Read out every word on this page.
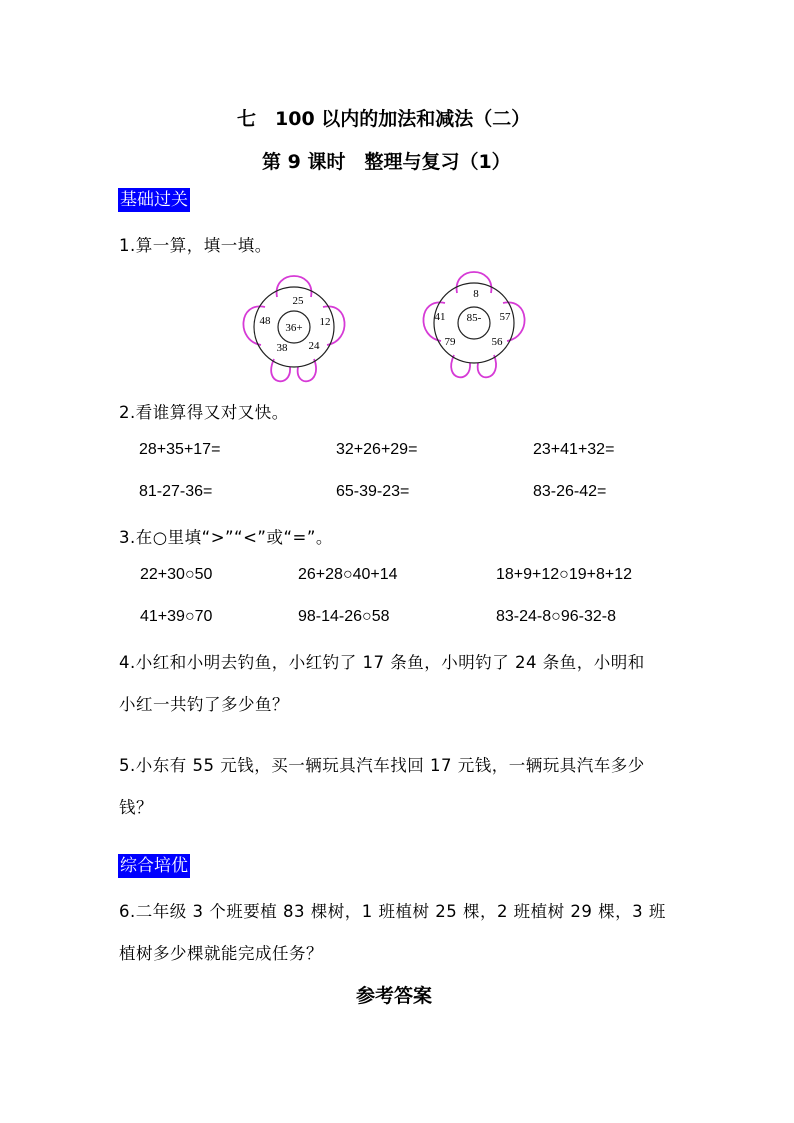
七　100 以内的加法和减法（二）
第 9 课时　整理与复习（1）
基础过关
1.算一算，填一填。
36+
25
12
24
38
48	85-
8
57
56
79
41
2.看谁算得又对又快。
28+35+17=	32+26+29=	23+41+32=
81-27-36=	65-39-23=	83-26-42=
3.在○里填“>”“<”或“=”。
22+30○50	26+28○40+14	18+9+12○19+8+12
41+39○70	98-14-26○58	83-24-8○96-32-8
4.小红和小明去钓鱼，小红钓了 17 条鱼，小明钓了 24 条鱼，小明和
小红一共钓了多少鱼？
5.小东有 55 元钱，买一辆玩具汽车找回 17 元钱，一辆玩具汽车多少
钱？
综合培优
6.二年级 3 个班要植 83 棵树，1 班植树 25 棵，2 班植树 29 棵，3 班
植树多少棵就能完成任务？
参考答案
